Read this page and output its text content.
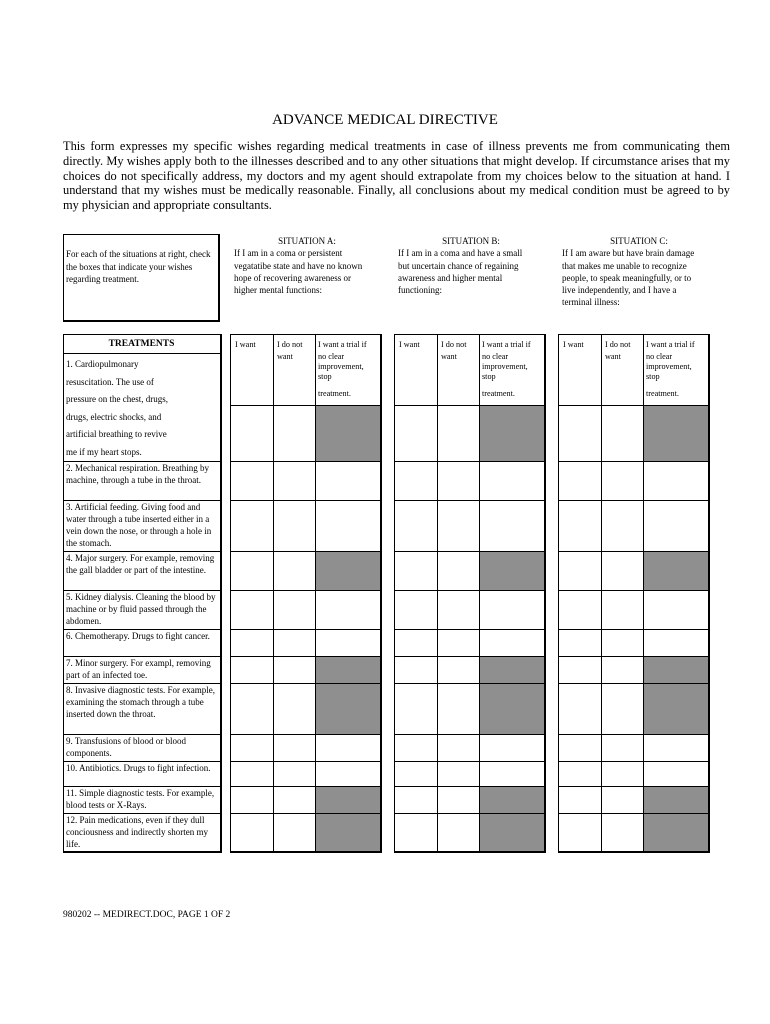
ADVANCE MEDICAL DIRECTIVE
This form expresses my specific wishes regarding medical treatments in case of illness prevents me from communicating them directly. My wishes apply both to the illnesses described and to any other situations that might develop. If circumstance arises that my choices do not specifically address, my doctors and my agent should extrapolate from my choices below to the situation at hand. I understand that my wishes must be medically reasonable. Finally, all conclusions about my medical condition must be agreed to by my physician and appropriate consultants.
For each of the situations at right, check the boxes that indicate your wishes regarding treatment.
SITUATION A:
If I am in a coma or persistent vegatatibe state and have no known hope of recovering awareness or higher mental functions:
SITUATION B:
If I am in a coma and have a small but uncertain chance of regaining awareness and higher mental functioning:
SITUATION C:
If I am aware but have brain damage that makes me unable to recognize people, to speak meaningfully, or to live independently, and I have a terminal illness:
I want	I do not want
I want a trial if
no clear
improvement,
stop
treatment.
I want	I do not want
I want a trial if
no clear
improvement,
stop
treatment.
I want	I do not want
I want a trial if
no clear
improvement,
stop
treatment.
TREATMENTS
1. Cardiopulmonary
resuscitation. The use of
pressure on the chest, drugs,
drugs, electric shocks, and
artificial breathing to revive
me if my heart stops.
2. Mechanical respiration. Breathing by machine, through a tube in the throat.
3. Artificial feeding. Giving food and water through a tube inserted either in a vein down the nose, or through a hole in the stomach.
4. Major surgery. For example, removing the gall bladder or part of the intestine.
5. Kidney dialysis. Cleaning the blood by machine or by fluid passed through the abdomen.
6. Chemotherapy. Drugs to fight cancer.
7. Minor surgery. For exampl, removing part of an infected toe.
8. Invasive diagnostic tests. For example, examining the stomach through a tube inserted down the throat.
9. Transfusions of blood or blood components.
10. Antibiotics. Drugs to fight infection.
11. Simple diagnostic tests. For example, blood tests or X-Rays.
12. Pain medications, even if they dull conciousness and indirectly shorten my life.
980202 -- MEDIRECT.DOC, PAGE 1 OF 2
